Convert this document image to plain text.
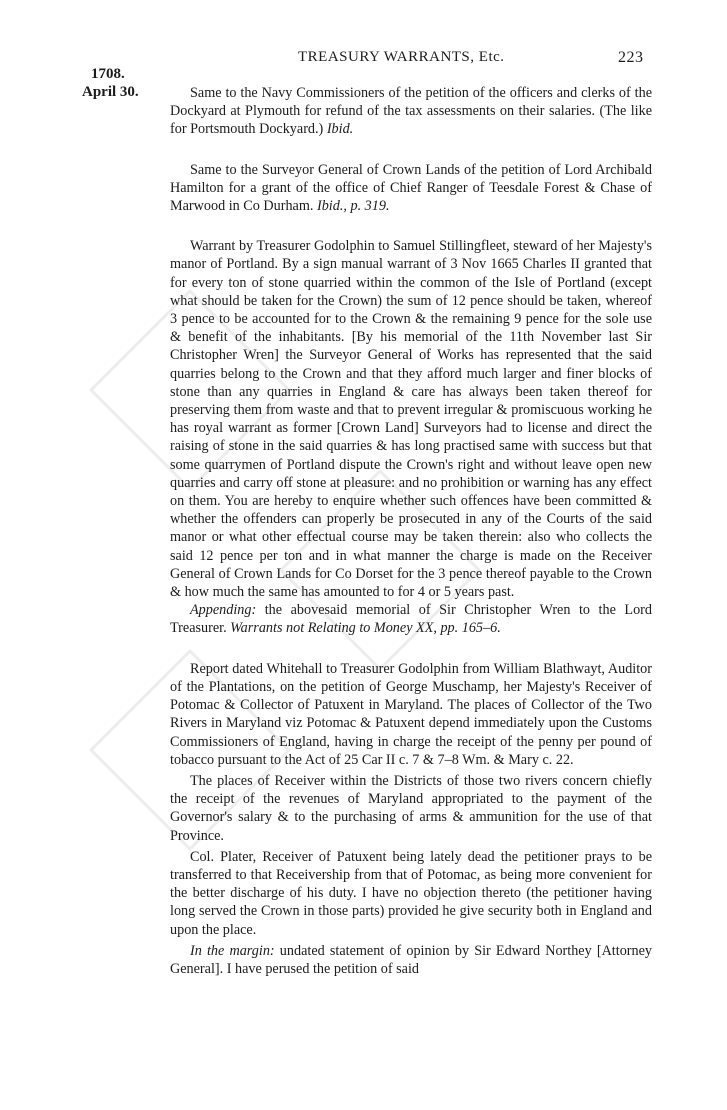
TREASURY WARRANTS, Etc.	223
1708.
April 30.	Same to the Navy Commissioners of the petition of the officers and clerks of the Dockyard at Plymouth for refund of the tax assessments on their salaries. (The like for Portsmouth Dockyard.) Ibid.

Same to the Surveyor General of Crown Lands of the petition of Lord Archibald Hamilton for a grant of the office of Chief Ranger of Teesdale Forest & Chase of Marwood in Co Durham. Ibid., p. 319.

Warrant by Treasurer Godolphin to Samuel Stillingfleet, steward of her Majesty's manor of Portland. By a sign manual warrant of 3 Nov 1665 Charles II granted that for every ton of stone quarried within the common of the Isle of Portland (except what should be taken for the Crown) the sum of 12 pence should be taken, whereof 3 pence to be accounted for to the Crown & the remaining 9 pence for the sole use & benefit of the inhabitants. [By his memorial of the 11th November last Sir Christopher Wren] the Surveyor General of Works has represented that the said quarries belong to the Crown and that they afford much larger and finer blocks of stone than any quarries in England & care has always been taken thereof for preserving them from waste and that to prevent irregular & promiscuous working he has royal warrant as former [Crown Land] Surveyors had to license and direct the raising of stone in the said quarries & has long practised same with success but that some quarrymen of Portland dispute the Crown's right and without leave open new quarries and carry off stone at pleasure: and no prohibition or warning has any effect on them. You are hereby to enquire whether such offences have been committed & whether the offenders can properly be prosecuted in any of the Courts of the said manor or what other effectual course may be taken therein: also who collects the said 12 pence per ton and in what manner the charge is made on the Receiver General of Crown Lands for Co Dorset for the 3 pence thereof payable to the Crown & how much the same has amounted to for 4 or 5 years past.

Appending: the abovesaid memorial of Sir Christopher Wren to the Lord Treasurer. Warrants not Relating to Money XX, pp. 165–6.

Report dated Whitehall to Treasurer Godolphin from William Blathwayt, Auditor of the Plantations, on the petition of George Muschamp, her Majesty's Receiver of Potomac & Collector of Patuxent in Maryland. The places of Collector of the Two Rivers in Maryland viz Potomac & Patuxent depend immediately upon the Customs Commissioners of England, having in charge the receipt of the penny per pound of tobacco pursuant to the Act of 25 Car II c. 7 & 7–8 Wm. & Mary c. 22.

The places of Receiver within the Districts of those two rivers concern chiefly the receipt of the revenues of Maryland appropriated to the payment of the Governor's salary & to the purchasing of arms & ammunition for the use of that Province.

Col. Plater, Receiver of Patuxent being lately dead the petitioner prays to be transferred to that Receivership from that of Potomac, as being more convenient for the better discharge of his duty. I have no objection thereto (the petitioner having long served the Crown in those parts) provided he give security both in England and upon the place.

In the margin: undated statement of opinion by Sir Edward Northey [Attorney General]. I have perused the petition of said
